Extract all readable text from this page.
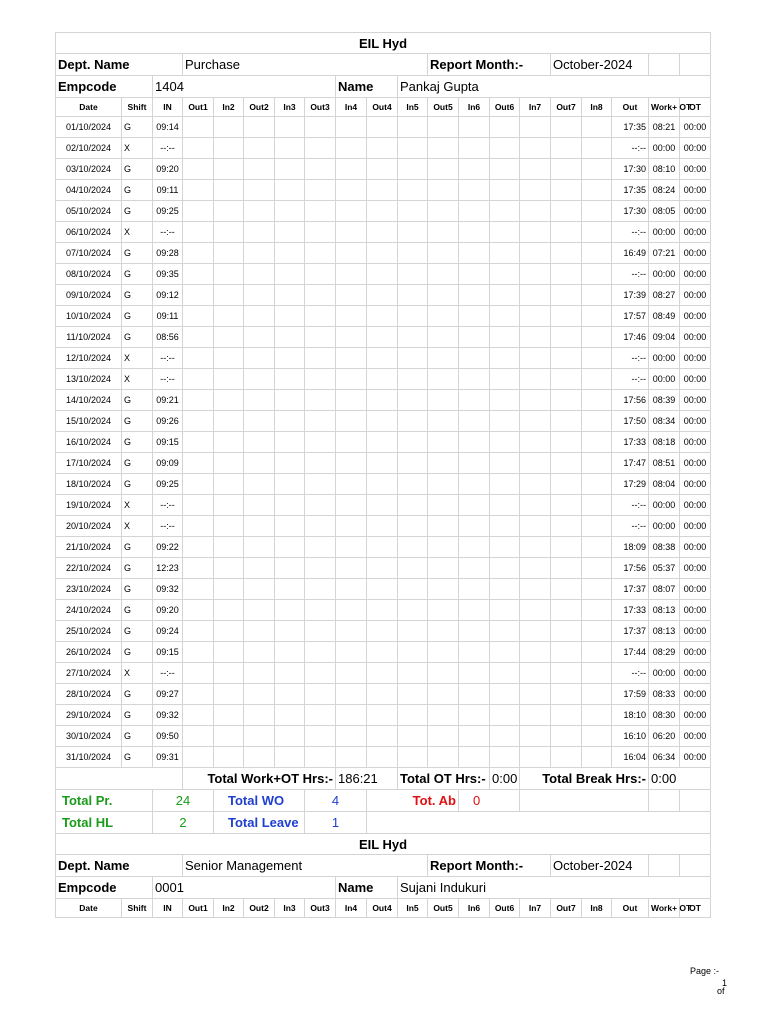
EIL Hyd																			
Dept. Name			Purchase								Report Month:-				October-2024				
Empcode		1404						Name		Pankaj Gupta									
Date	Shift	IN	Out1	In2	Out2	In3	Out3	In4	Out4	In5	Out5	In6	Out6	In7	Out7	In8	Out	Work+ OT	OT
01/10/2024	G	09:14															17:35	08:21	00:00
02/10/2024	X	--:--															--:--	00:00	00:00
03/10/2024	G	09:20															17:30	08:10	00:00
04/10/2024	G	09:11															17:35	08:24	00:00
05/10/2024	G	09:25															17:30	08:05	00:00
06/10/2024	X	--:--															--:--	00:00	00:00
07/10/2024	G	09:28															16:49	07:21	00:00
08/10/2024	G	09:35															--:--	00:00	00:00
09/10/2024	G	09:12															17:39	08:27	00:00
10/10/2024	G	09:11															17:57	08:49	00:00
11/10/2024	G	08:56															17:46	09:04	00:00
12/10/2024	X	--:--															--:--	00:00	00:00
13/10/2024	X	--:--															--:--	00:00	00:00
14/10/2024	G	09:21															17:56	08:39	00:00
15/10/2024	G	09:26															17:50	08:34	00:00
16/10/2024	G	09:15															17:33	08:18	00:00
17/10/2024	G	09:09															17:47	08:51	00:00
18/10/2024	G	09:25															17:29	08:04	00:00
19/10/2024	X	--:--															--:--	00:00	00:00
20/10/2024	X	--:--															--:--	00:00	00:00
21/10/2024	G	09:22															18:09	08:38	00:00
22/10/2024	G	12:23															17:56	05:37	00:00
23/10/2024	G	09:32															17:37	08:07	00:00
24/10/2024	G	09:20															17:33	08:13	00:00
25/10/2024	G	09:24															17:37	08:13	00:00
26/10/2024	G	09:15															17:44	08:29	00:00
27/10/2024	X	--:--															--:--	00:00	00:00
28/10/2024	G	09:27															17:59	08:33	00:00
29/10/2024	G	09:32															18:10	08:30	00:00
30/10/2024	G	09:50															16:10	06:20	00:00
31/10/2024	G	09:31															16:04	06:34	00:00
			Total Work+OT Hrs:-					186:21		Total OT Hrs:-			0:00	Total Break Hrs:-				0:00	
Total Pr.		24		Total WO			4		Tot. Ab			0							
Total HL		2		Total Leave			1												
EIL Hyd																			
Dept. Name			Senior Management								Report Month:-				October-2024				
Empcode		0001						Name		Sujani Indukuri									
Date	Shift	IN	Out1	In2	Out2	In3	Out3	In4	Out4	In5	Out5	In6	Out6	In7	Out7	In8	Out	Work+ OT	OT
Page :-
1
of
